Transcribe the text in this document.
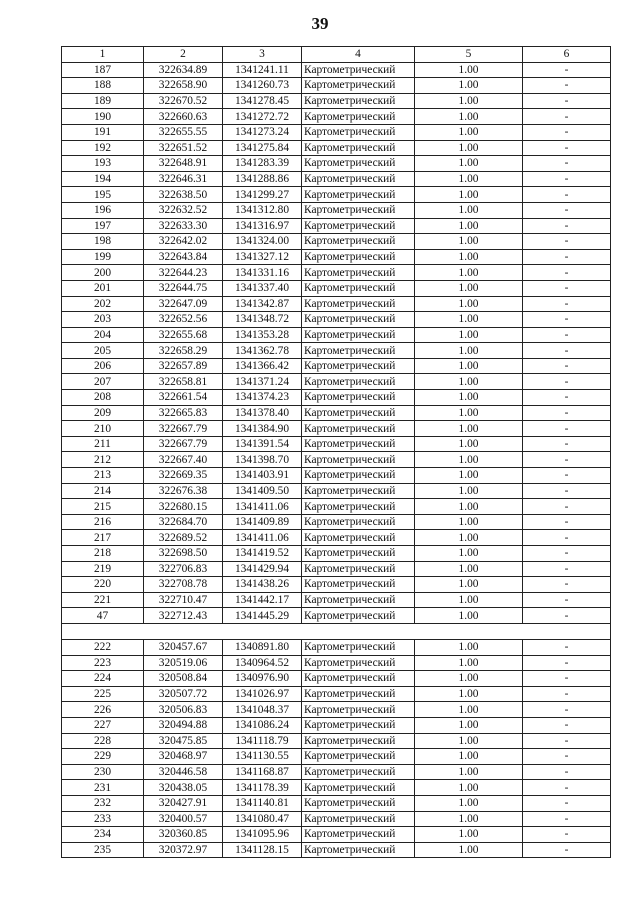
39
1	2	3	4	5	6
187	322634.89	1341241.11	Картометрический	1.00	-
188	322658.90	1341260.73	Картометрический	1.00	-
189	322670.52	1341278.45	Картометрический	1.00	-
190	322660.63	1341272.72	Картометрический	1.00	-
191	322655.55	1341273.24	Картометрический	1.00	-
192	322651.52	1341275.84	Картометрический	1.00	-
193	322648.91	1341283.39	Картометрический	1.00	-
194	322646.31	1341288.86	Картометрический	1.00	-
195	322638.50	1341299.27	Картометрический	1.00	-
196	322632.52	1341312.80	Картометрический	1.00	-
197	322633.30	1341316.97	Картометрический	1.00	-
198	322642.02	1341324.00	Картометрический	1.00	-
199	322643.84	1341327.12	Картометрический	1.00	-
200	322644.23	1341331.16	Картометрический	1.00	-
201	322644.75	1341337.40	Картометрический	1.00	-
202	322647.09	1341342.87	Картометрический	1.00	-
203	322652.56	1341348.72	Картометрический	1.00	-
204	322655.68	1341353.28	Картометрический	1.00	-
205	322658.29	1341362.78	Картометрический	1.00	-
206	322657.89	1341366.42	Картометрический	1.00	-
207	322658.81	1341371.24	Картометрический	1.00	-
208	322661.54	1341374.23	Картометрический	1.00	-
209	322665.83	1341378.40	Картометрический	1.00	-
210	322667.79	1341384.90	Картометрический	1.00	-
211	322667.79	1341391.54	Картометрический	1.00	-
212	322667.40	1341398.70	Картометрический	1.00	-
213	322669.35	1341403.91	Картометрический	1.00	-
214	322676.38	1341409.50	Картометрический	1.00	-
215	322680.15	1341411.06	Картометрический	1.00	-
216	322684.70	1341409.89	Картометрический	1.00	-
217	322689.52	1341411.06	Картометрический	1.00	-
218	322698.50	1341419.52	Картометрический	1.00	-
219	322706.83	1341429.94	Картометрический	1.00	-
220	322708.78	1341438.26	Картометрический	1.00	-
221	322710.47	1341442.17	Картометрический	1.00	-
47	322712.43	1341445.29	Картометрический	1.00	-

222	320457.67	1340891.80	Картометрический	1.00	-
223	320519.06	1340964.52	Картометрический	1.00	-
224	320508.84	1340976.90	Картометрический	1.00	-
225	320507.72	1341026.97	Картометрический	1.00	-
226	320506.83	1341048.37	Картометрический	1.00	-
227	320494.88	1341086.24	Картометрический	1.00	-
228	320475.85	1341118.79	Картометрический	1.00	-
229	320468.97	1341130.55	Картометрический	1.00	-
230	320446.58	1341168.87	Картометрический	1.00	-
231	320438.05	1341178.39	Картометрический	1.00	-
232	320427.91	1341140.81	Картометрический	1.00	-
233	320400.57	1341080.47	Картометрический	1.00	-
234	320360.85	1341095.96	Картометрический	1.00	-
235	320372.97	1341128.15	Картометрический	1.00	-
